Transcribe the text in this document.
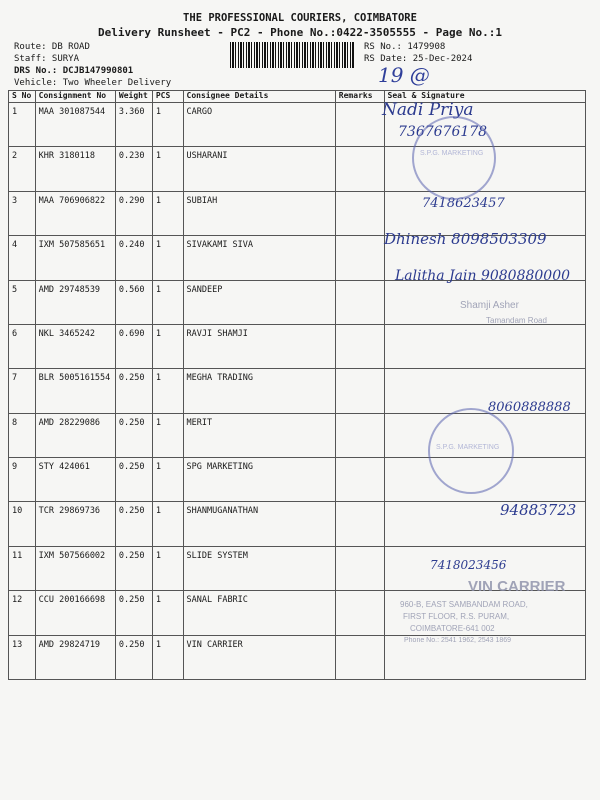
THE PROFESSIONAL COURIERS, COIMBATORE
Delivery Runsheet - PC2 - Phone No.:0422-3505555 - Page No.:1
Route: DB ROAD
Staff: SURYA
DRS No.: DCJB147990801
Vehicle: Two Wheeler Delivery
RS No.: 1479908
RS Date: 25-Dec-2024
19 @
S No	Consignment No	Weight	PCS	Consignee Details	Remarks	Seal & Signature
1	MAA 301087544	3.360	1	CARGO		
2	KHR 3180118	0.230	1	USHARANI		
3	MAA 706906822	0.290	1	SUBIAH		
4	IXM 507585651	0.240	1	SIVAKAMI SIVA		
5	AMD 29748539	0.560	1	SANDEEP		
6	NKL 3465242	0.690	1	RAVJI SHAMJI		
7	BLR 5005161554	0.250	1	MEGHA TRADING		
8	AMD 28229086	0.250	1	MERIT		
9	STY 424061	0.250	1	SPG MARKETING		
10	TCR 29869736	0.250	1	SHANMUGANATHAN		
11	IXM 507566002	0.250	1	SLIDE SYSTEM		
12	CCU 200166698	0.250	1	SANAL FABRIC		
13	AMD 29824719	0.250	1	VIN CARRIER		
Nadi Priya
7367676178
7418623457
Dhinesh 8098503309
Lalitha Jain 9080880000
8060888888
94883723
7418023456
S.P.G. MARKETING
S.P.G. MARKETING
Shamji Asher
Tamandam Road
VIN CARRIER
960-B, EAST SAMBANDAM ROAD,
FIRST FLOOR, R.S. PURAM,
COIMBATORE-641 002
Phone No.: 2541 1962, 2543 1869
